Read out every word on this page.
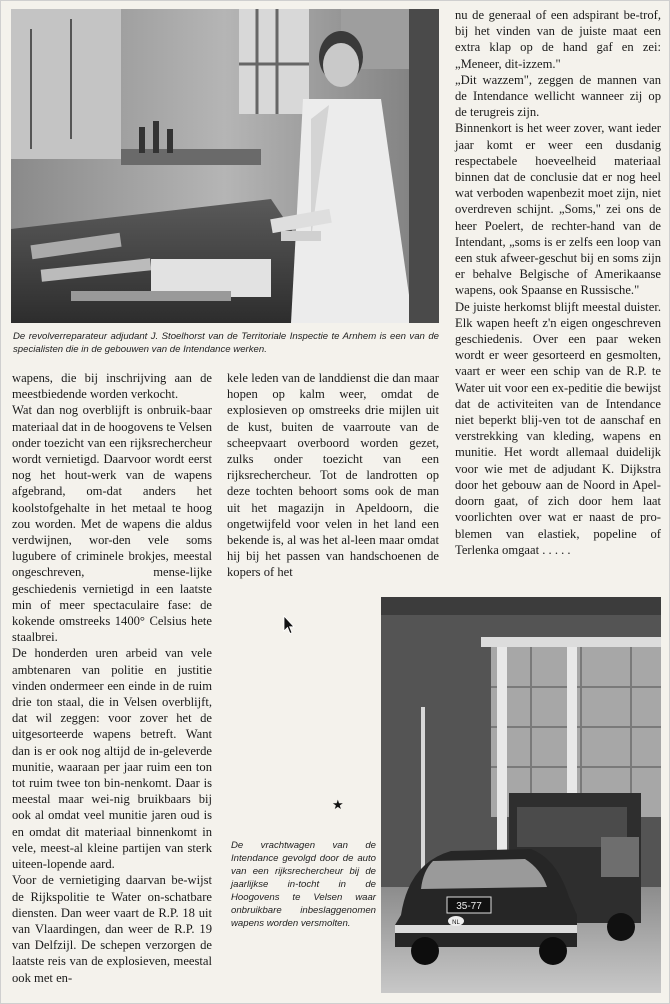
De revolverreparateur adjudant J. Stoelhorst van de Territoriale Inspectie te Arnhem is een van de specialisten die in de gebouwen van de Intendance werken.

nu de generaal of een adspirant be-trof, bij het vinden van de juiste maat een extra klap op de hand gaf en zei: „Meneer, dit-izzem."

„Dit wazzem", zeggen de mannen van de Intendance wellicht wanneer zij op de terugreis zijn.

Binnenkort is het weer zover, want ieder jaar komt er weer een dusdanig respectabele hoeveelheid materiaal binnen dat de conclusie dat er nog heel wat verboden wapenbezit moet zijn, niet overdreven schijnt. „Soms," zei ons de heer Poelert, de rechter-hand van de Intendant, „soms is er zelfs een loop van een stuk afweer-geschut bij en soms zijn er behalve Belgische of Amerikaanse wapens, ook Spaanse en Russische."

De juiste herkomst blijft meestal duister. Elk wapen heeft z'n eigen ongeschreven geschiedenis. Over een paar weken wordt er weer gesorteerd en gesmolten, vaart er weer een schip van de R.P. te Water uit voor een ex-peditie die bewijst dat de activiteiten van de Intendance niet beperkt blij-ven tot de aanschaf en verstrekking van kleding, wapens en munitie. Het wordt allemaal duidelijk voor wie met de adjudant K. Dijkstra door het gebouw aan de Noord in Apel-doorn gaat, of zich door hem laat voorlichten over wat er naast de pro-blemen van elastiek, popeline of Terlenka omgaat . . . . .

wapens, die bij inschrijving aan de meestbiedende worden verkocht.

Wat dan nog overblijft is onbruik-baar materiaal dat in de hoogovens te Velsen onder toezicht van een rijksrechercheur wordt vernietigd. Daarvoor wordt eerst nog het hout-werk van de wapens afgebrand, om-dat anders het koolstofgehalte in het metaal te hoog zou worden. Met de wapens die aldus verdwijnen, wor-den vele soms lugubere of criminele brokjes, meestal ongeschreven, mense-lijke geschiedenis vernietigd in een laatste min of meer spectaculaire fase: de kokende omstreeks 1400° Celsius hete staalbrei.

De honderden uren arbeid van vele ambtenaren van politie en justitie vinden ondermeer een einde in de ruim drie ton staal, die in Velsen overblijft, dat wil zeggen: voor zover het de uitgesorteerde wapens betreft. Want dan is er ook nog altijd de in-geleverde munitie, waaraan per jaar ruim een ton tot ruim twee ton bin-nenkomt. Daar is meestal maar wei-nig bruikbaars bij ook al omdat veel munitie jaren oud is en omdat dit materiaal binnenkomt in vele, meest-al kleine partijen van sterk uiteen-lopende aard.

Voor de vernietiging daarvan be-wijst de Rijkspolitie te Water on-schatbare diensten. Dan weer vaart de R.P. 18 uit van Vlaardingen, dan weer de R.P. 19 van Delfzijl. De schepen verzorgen de laatste reis van de explosieven, meestal ook met en-

kele leden van de landdienst die dan maar hopen op kalm weer, omdat de explosieven op omstreeks drie mijlen uit de kust, buiten de vaarroute van de scheepvaart overboord worden gezet, zulks onder toezicht van een rijksrechercheur. Tot de landrotten op deze tochten behoort soms ook de man uit het magazijn in Apeldoorn, die ongetwijfeld voor velen in het land een bekende is, al was het al-leen maar omdat hij bij het passen van handschoenen de kopers of het

★
De vrachtwagen van de Intendance gevolgd door de auto van een rijksrechercheur bij de jaarlijkse in-tocht in de Hoogovens te Velsen waar onbruikbare inbeslaggenomen wapens worden versmolten.
35-77
NL
